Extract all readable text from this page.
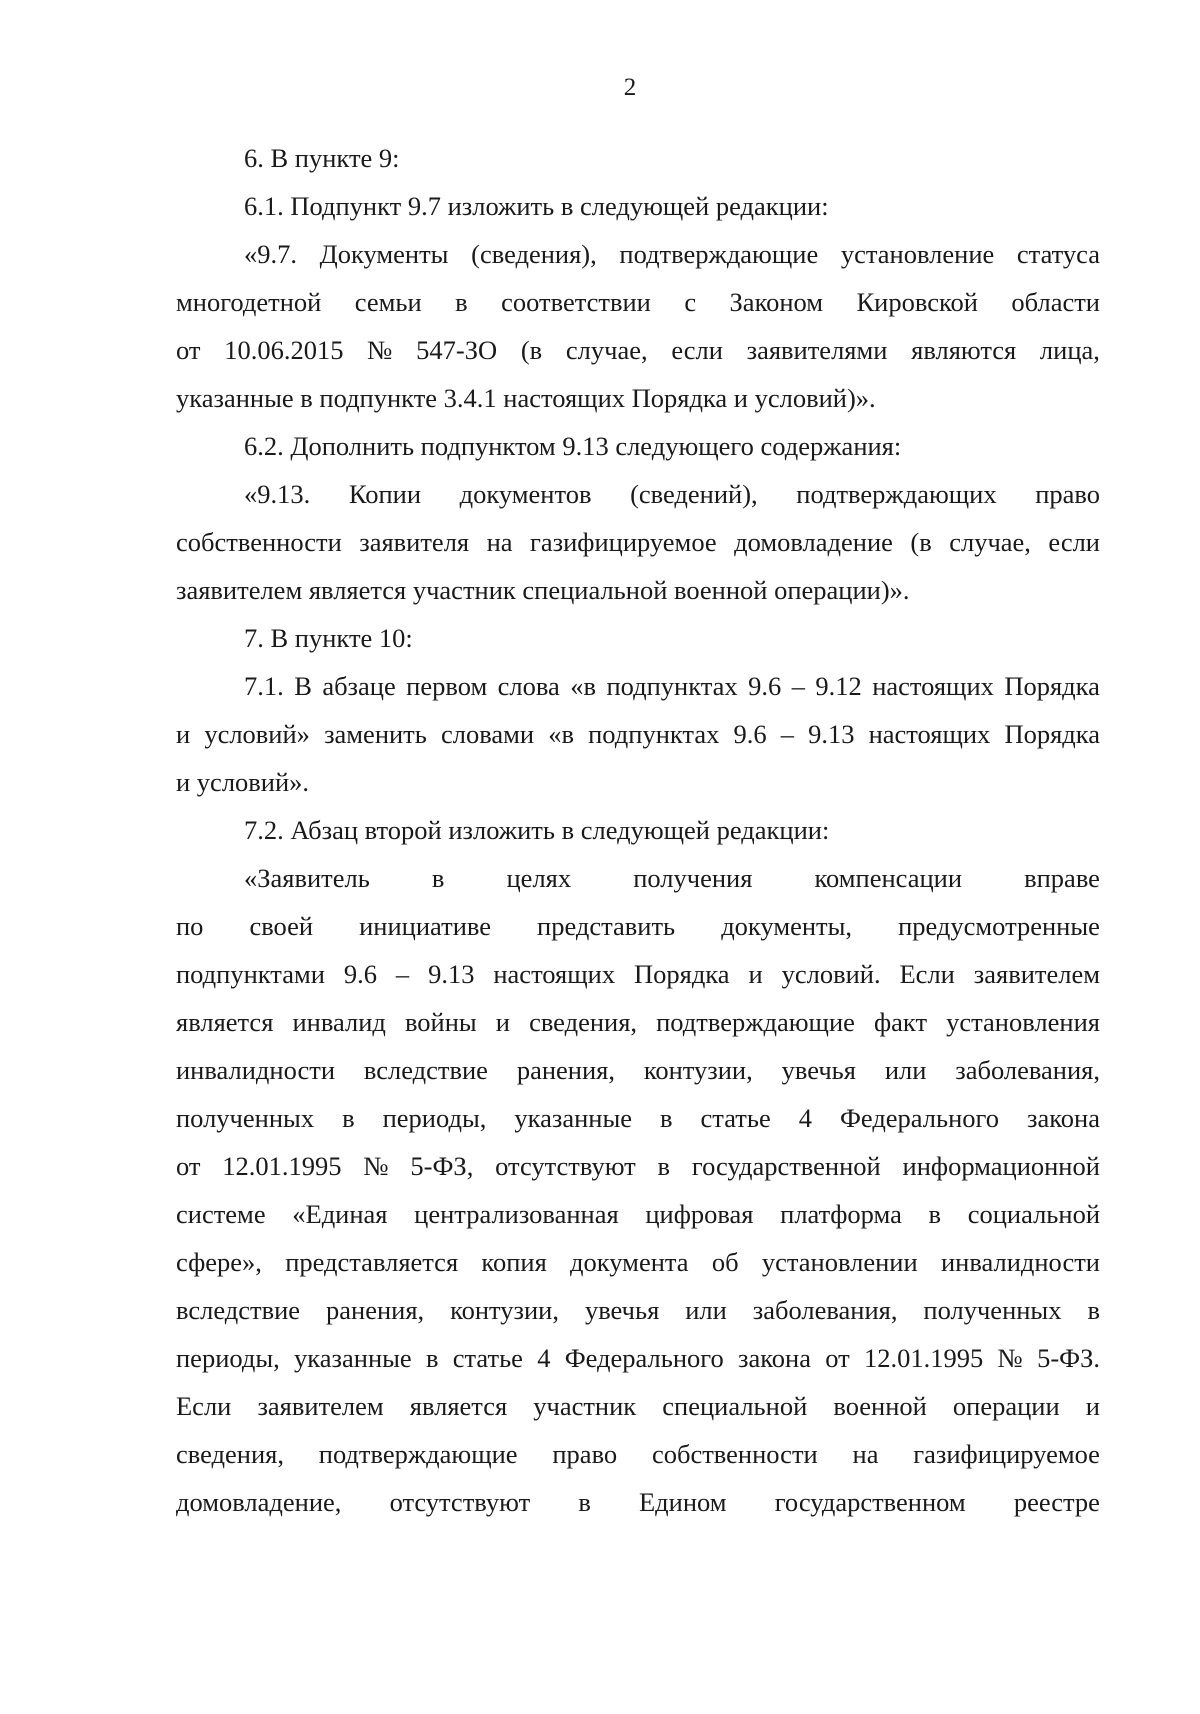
2
6. В пункте 9:
6.1. Подпункт 9.7 изложить в следующей редакции:
«9.7. Документы (сведения), подтверждающие установление статуса
многодетной семьи в соответствии с Законом Кировской области
от 10.06.2015 № 547-ЗО (в случае, если заявителями являются лица,
указанные в подпункте 3.4.1 настоящих Порядка и условий)».
6.2. Дополнить подпунктом 9.13 следующего содержания:
«9.13. Копии документов (сведений), подтверждающих право
собственности заявителя на газифицируемое домовладение (в случае, если
заявителем является участник специальной военной операции)».
7. В пункте 10:
7.1. В абзаце первом слова «в подпунктах 9.6 – 9.12 настоящих Порядка
и условий» заменить словами «в подпунктах 9.6 – 9.13 настоящих Порядка
и условий».
7.2. Абзац второй изложить в следующей редакции:
«Заявитель в целях получения компенсации вправе
по своей инициативе представить документы, предусмотренные
подпунктами 9.6 – 9.13 настоящих Порядка и условий. Если заявителем
является инвалид войны и сведения, подтверждающие факт установления
инвалидности вследствие ранения, контузии, увечья или заболевания,
полученных в периоды, указанные в статье 4 Федерального закона
от 12.01.1995 № 5-ФЗ, отсутствуют в государственной информационной
системе «Единая централизованная цифровая платформа в социальной
сфере», представляется копия документа об установлении инвалидности
вследствие ранения, контузии, увечья или заболевания, полученных в
периоды, указанные в статье 4 Федерального закона от 12.01.1995 № 5-ФЗ.
Если заявителем является участник специальной военной операции и
сведения, подтверждающие право собственности на газифицируемое
домовладение, отсутствуют в Едином государственном реестре
